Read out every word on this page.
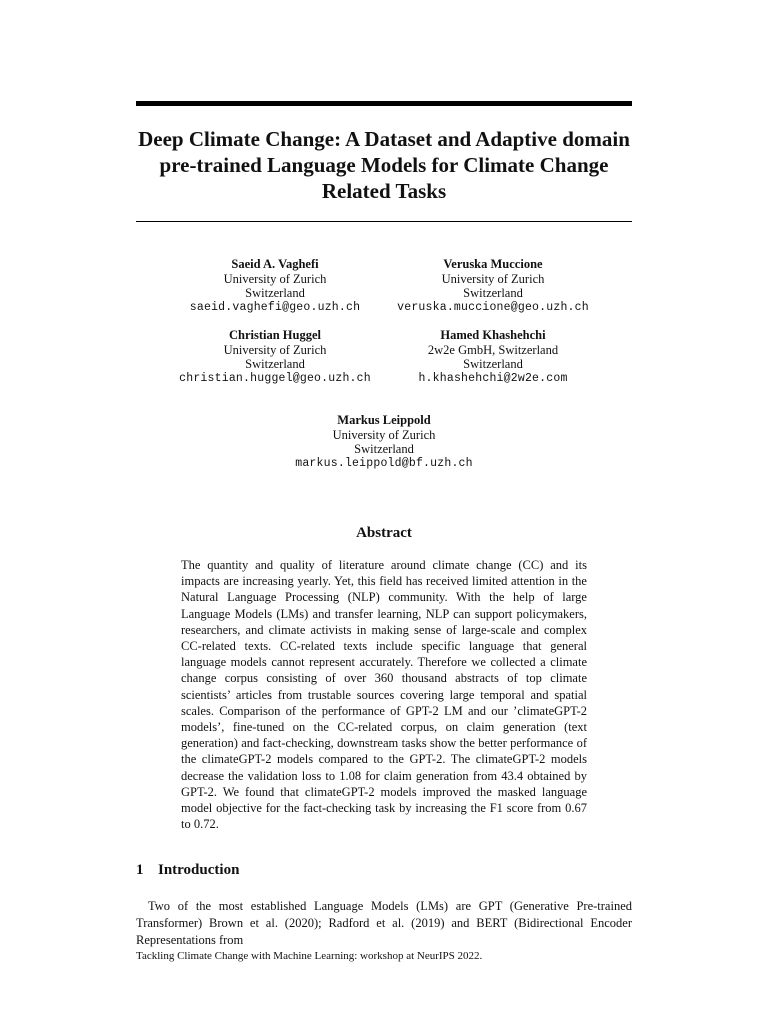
Deep Climate Change: A Dataset and Adaptive domain pre-trained Language Models for Climate Change Related Tasks
Saeid A. Vaghefi
University of Zurich
Switzerland
saeid.vaghefi@geo.uzh.ch
Veruska Muccione
University of Zurich
Switzerland
veruska.muccione@geo.uzh.ch
Christian Huggel
University of Zurich
Switzerland
christian.huggel@geo.uzh.ch
Hamed Khashehchi
2w2e GmbH, Switzerland
Switzerland
h.khashehchi@2w2e.com
Markus Leippold
University of Zurich
Switzerland
markus.leippold@bf.uzh.ch
Abstract
The quantity and quality of literature around climate change (CC) and its impacts are increasing yearly. Yet, this field has received limited attention in the Natural Language Processing (NLP) community. With the help of large Language Models (LMs) and transfer learning, NLP can support policymakers, researchers, and climate activists in making sense of large-scale and complex CC-related texts. CC-related texts include specific language that general language models cannot represent accurately. Therefore we collected a climate change corpus consisting of over 360 thousand abstracts of top climate scientists’ articles from trustable sources covering large temporal and spatial scales. Comparison of the performance of GPT-2 LM and our ’climateGPT-2 models’, fine-tuned on the CC-related corpus, on claim generation (text generation) and fact-checking, downstream tasks show the better performance of the climateGPT-2 models compared to the GPT-2. The climateGPT-2 models decrease the validation loss to 1.08 for claim generation from 43.4 obtained by GPT-2. We found that climateGPT-2 models improved the masked language model objective for the fact-checking task by increasing the F1 score from 0.67 to 0.72.
1 Introduction
Two of the most established Language Models (LMs) are GPT (Generative Pre-trained Transformer) Brown et al. (2020); Radford et al. (2019) and BERT (Bidirectional Encoder Representations from
Tackling Climate Change with Machine Learning: workshop at NeurIPS 2022.
